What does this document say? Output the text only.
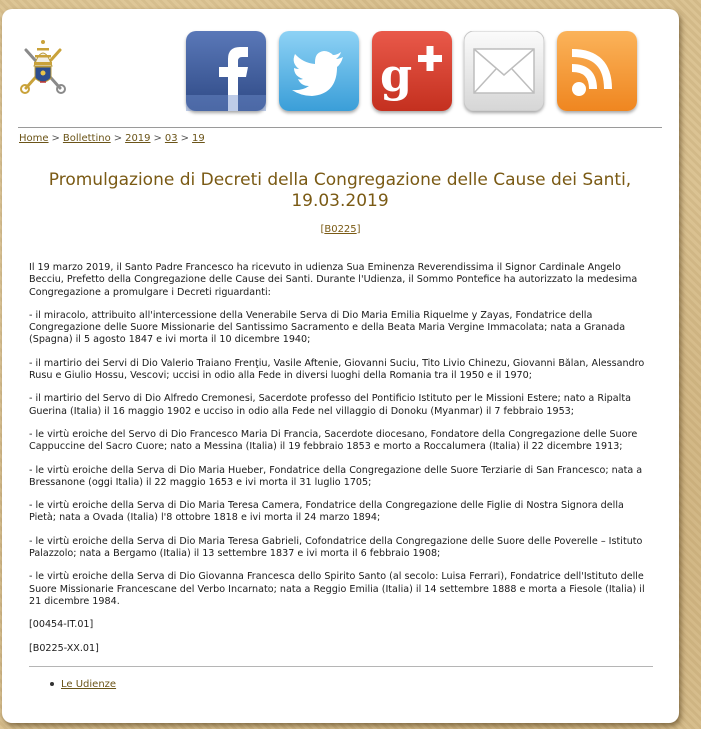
g
Home > Bollettino > 2019 > 03 > 19
Promulgazione di Decreti della Congregazione delle Cause dei Santi, 19.03.2019
[B0225]

Il 19 marzo 2019, il Santo Padre Francesco ha ricevuto in udienza Sua Eminenza Reverendissima il Signor Cardinale Angelo Becciu, Prefetto della Congregazione delle Cause dei Santi. Durante l'Udienza, il Sommo Pontefice ha autorizzato la medesima Congregazione a promulgare i Decreti riguardanti:

- il miracolo, attribuito all'intercessione della Venerabile Serva di Dio Maria Emilia Riquelme y Zayas, Fondatrice della Congregazione delle Suore Missionarie del Santissimo Sacramento e della Beata Maria Vergine Immacolata; nata a Granada (Spagna) il 5 agosto 1847 e ivi morta il 10 dicembre 1940;

- il martirio dei Servi di Dio Valerio Traiano Frenţiu, Vasile Aftenie, Giovanni Suciu, Tito Livio Chinezu, Giovanni Bălan, Alessandro Rusu e Giulio Hossu, Vescovi; uccisi in odio alla Fede in diversi luoghi della Romania tra il 1950 e il 1970;

- il martirio del Servo di Dio Alfredo Cremonesi, Sacerdote professo del Pontificio Istituto per le Missioni Estere; nato a Ripalta Guerina (Italia) il 16 maggio 1902 e ucciso in odio alla Fede nel villaggio di Donoku (Myanmar) il 7 febbraio 1953;

- le virtù eroiche del Servo di Dio Francesco Maria Di Francia, Sacerdote diocesano, Fondatore della Congregazione delle Suore Cappuccine del Sacro Cuore; nato a Messina (Italia) il 19 febbraio 1853 e morto a Roccalumera (Italia) il 22 dicembre 1913;

- le virtù eroiche della Serva di Dio Maria Hueber, Fondatrice della Congregazione delle Suore Terziarie di San Francesco; nata a Bressanone (oggi Italia) il 22 maggio 1653 e ivi morta il 31 luglio 1705;

- le virtù eroiche della Serva di Dio Maria Teresa Camera, Fondatrice della Congregazione delle Figlie di Nostra Signora della Pietà; nata a Ovada (Italia) l'8 ottobre 1818 e ivi morta il 24 marzo 1894;

- le virtù eroiche della Serva di Dio Maria Teresa Gabrieli, Cofondatrice della Congregazione delle Suore delle Poverelle – Istituto Palazzolo; nata a Bergamo (Italia) il 13 settembre 1837 e ivi morta il 6 febbraio 1908;

- le virtù eroiche della Serva di Dio Giovanna Francesca dello Spirito Santo (al secolo: Luisa Ferrari), Fondatrice dell'Istituto delle Suore Missionarie Francescane del Verbo Incarnato; nata a Reggio Emilia (Italia) il 14 settembre 1888 e morta a Fiesole (Italia) il 21 dicembre 1984.

[00454-IT.01]

[B0225-XX.01]

Le Udienze
